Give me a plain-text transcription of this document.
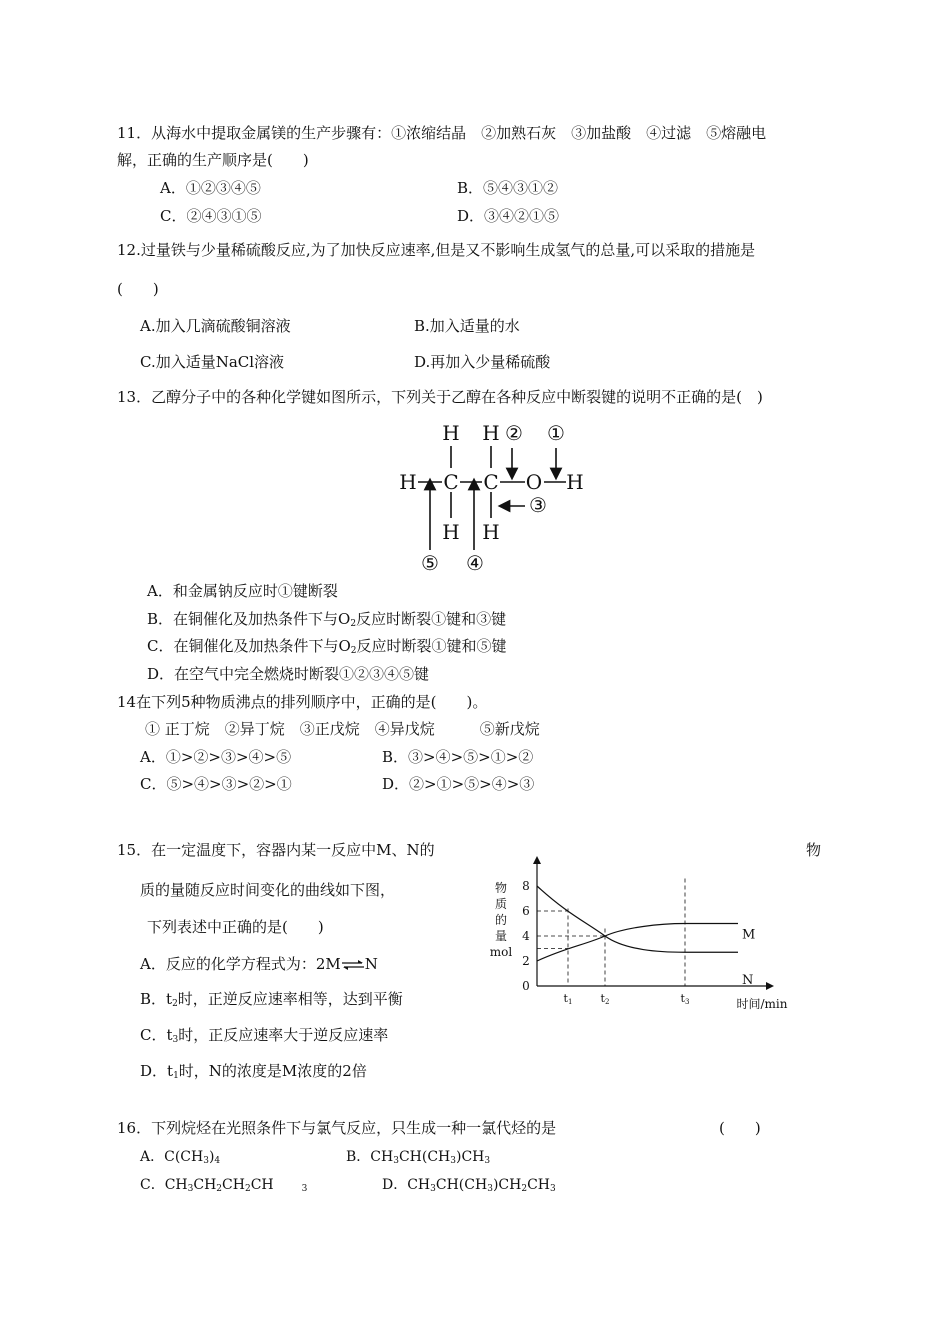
11．从海水中提取金属镁的生产步骤有：①浓缩结晶　②加熟石灰　③加盐酸　④过滤　⑤熔融电
解，正确的生产顺序是(　　)
A．①②③④⑤	B．⑤④③①②
C．②④③①⑤	D．③④②①⑤
12.过量铁与少量稀硫酸反应,为了加快反应速率,但是又不影响生成氢气的总量,可以采取的措施是
(　　)
A.加入几滴硫酸铜溶液	B.加入适量的水
C.加入适量NaCl溶液	D.再加入少量稀硫酸
13．乙醇分子中的各种化学键如图所示，下列关于乙醇在各种反应中断裂键的说明不正确的是(　)
H H
H C C O H
H H
② ①
③
⑤ ④
A．和金属钠反应时①键断裂
B．在铜催化及加热条件下与$O_2$反应时断裂①键和③键
C．在铜催化及加热条件下与$O_2$反应时断裂①键和⑤键
D．在空气中完全燃烧时断裂①②③④⑤键
14在下列5种物质沸点的排列顺序中，正确的是(　　)。
① 正丁烷　②异丁烷　③正戊烷　④异戊烷　　　⑤新戊烷
A．①>②>③>④>⑤	B．③>④>⑤>①>②
C．⑤>④>③>②>①	D．②>①>⑤>④>③
15．在一定温度下，容器内某一反应中M、N的	物
质的量随反应时间变化的曲线如下图，
下列表述中正确的是(　　)
A．反应的化学方程式为：2M⇌N
B．$t_2$时，正逆反应速率相等，达到平衡
C．$t_3$时，正反应速率大于逆反应速率
D．$t_1$时，N的浓度是M浓度的2倍
物
质
的
量
mol
时间/min
0
2
4
6
8
t1	t2	t3
M
N
16．下列烷烃在光照条件下与氯气反应，只生成一种一氯代烃的是	(　　)
A．$C(CH_3)_4$	B．$CH_3CH(CH_3)CH_3$
C．$CH_3CH_2CH_2CH$	$_3$	D．$CH_3CH(CH_3)CH_2CH_3$
